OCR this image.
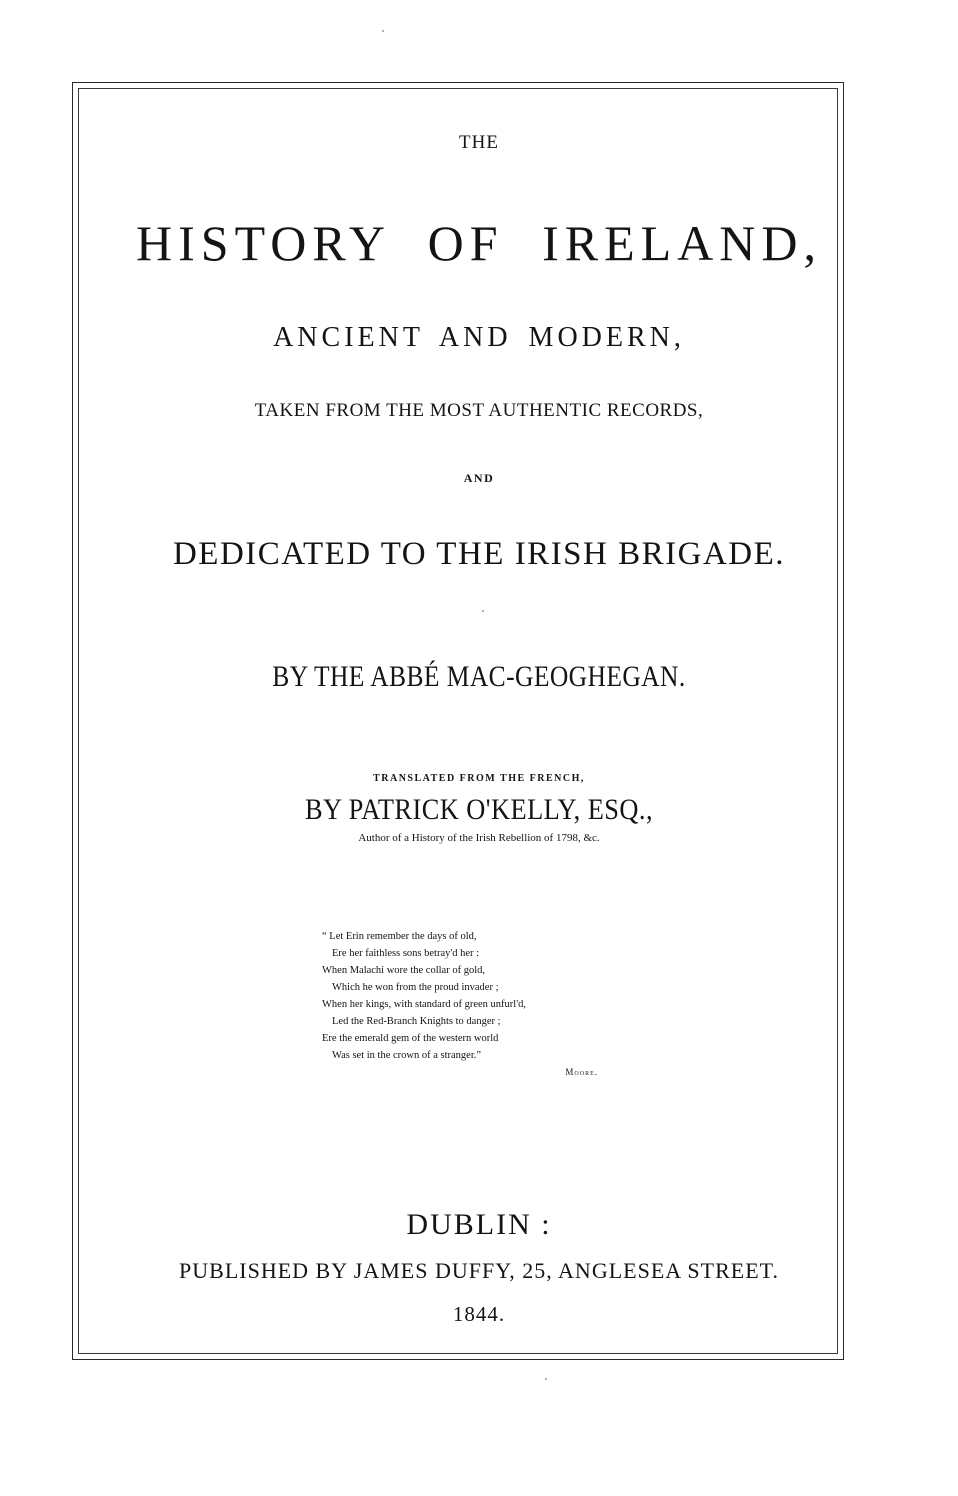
THE
HISTORY OF IRELAND,
ANCIENT AND MODERN,
TAKEN FROM THE MOST AUTHENTIC RECORDS,
AND
DEDICATED TO THE IRISH BRIGADE.
BY THE ABBÉ MAC-GEOGHEGAN.
TRANSLATED FROM THE FRENCH,
BY PATRICK O'KELLY, ESQ.,
Author of a History of the Irish Rebellion of 1798, &c.
“ Let Erin remember the days of old,
Ere her faithless sons betray'd her :
When Malachi wore the collar of gold,
Which he won from the proud invader ;
When her kings, with standard of green unfurl'd,
Led the Red-Branch Knights to danger ;
Ere the emerald gem of the western world
Was set in the crown of a stranger.”
Moore.
DUBLIN :
PUBLISHED BY JAMES DUFFY, 25, ANGLESEA STREET.
1844.
